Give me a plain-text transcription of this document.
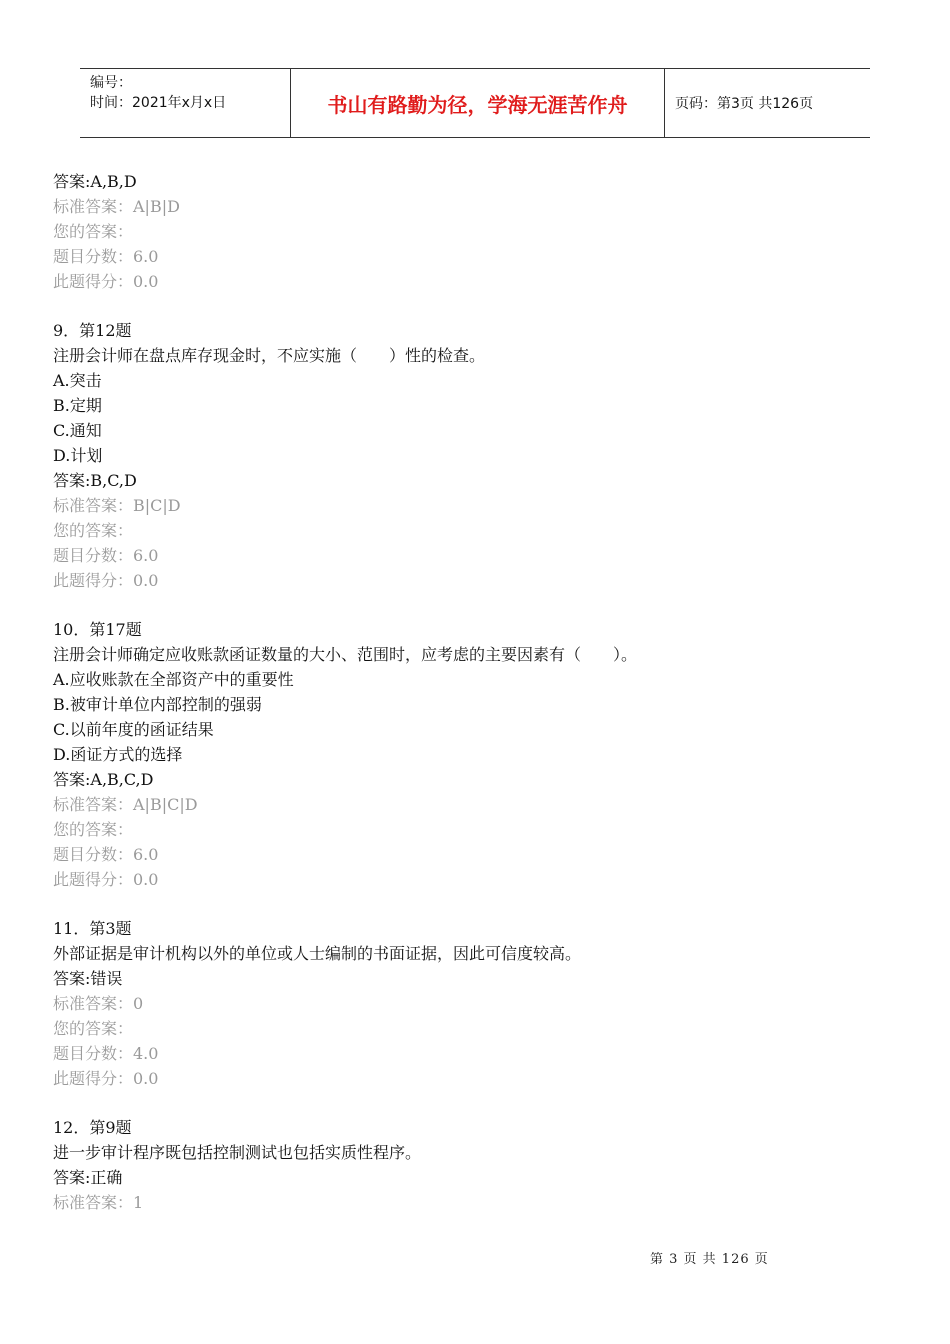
编号：
时间：2021年x月x日	书山有路勤为径，学海无涯苦作舟	页码：第3页 共126页
答案:A,B,D
标准答案：A|B|D
您的答案：
题目分数：6.0
此题得分：0.0
9．第12题
注册会计师在盘点库存现金时，不应实施（　　）性的检查。
A.突击
B.定期
C.通知
D.计划
答案:B,C,D
标准答案：B|C|D
您的答案：
题目分数：6.0
此题得分：0.0
10．第17题
注册会计师确定应收账款函证数量的大小、范围时，应考虑的主要因素有（　　）。
A.应收账款在全部资产中的重要性
B.被审计单位内部控制的强弱
C.以前年度的函证结果
D.函证方式的选择
答案:A,B,C,D
标准答案：A|B|C|D
您的答案：
题目分数：6.0
此题得分：0.0
11．第3题
外部证据是审计机构以外的单位或人士编制的书面证据，因此可信度较高。
答案:错误
标准答案：0
您的答案：
题目分数：4.0
此题得分：0.0
12．第9题
进一步审计程序既包括控制测试也包括实质性程序。
答案:正确
标准答案：1
第 3 页 共 126 页
